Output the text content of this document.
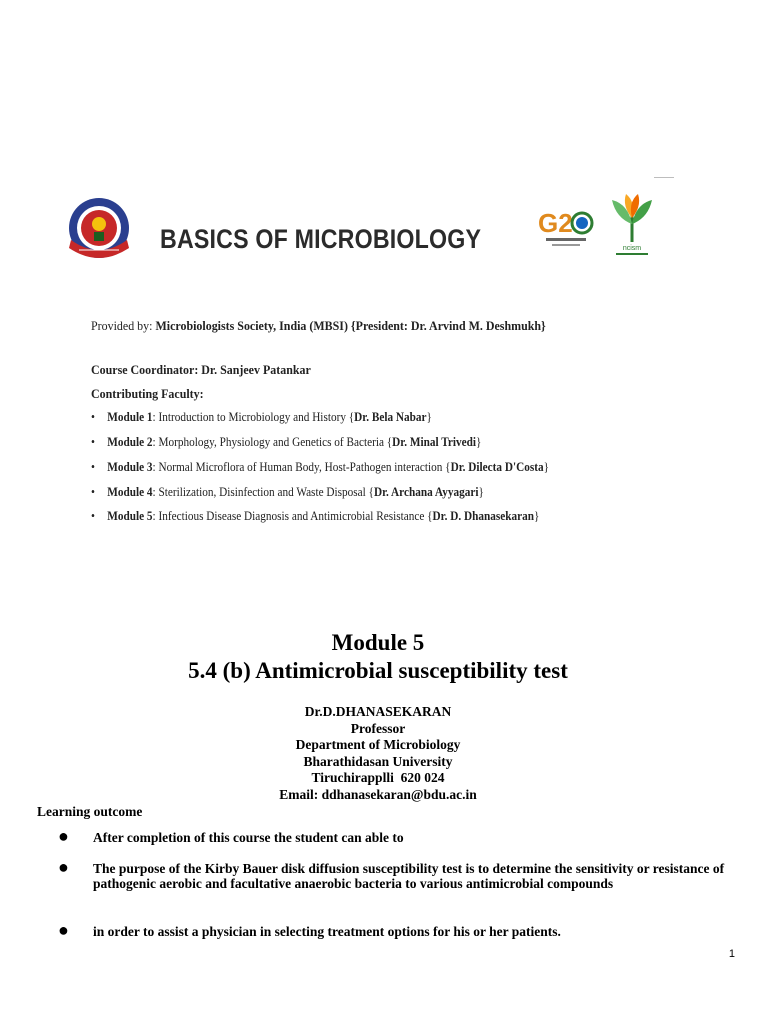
BASICS OF MICROBIOLOGY
G2
ncism
Provided by: Microbiologists Society, India (MBSI) {President: Dr. Arvind M. Deshmukh}
Course Coordinator: Dr. Sanjeev Patankar
Contributing Faculty:
• Module 1: Introduction to Microbiology and History {Dr. Bela Nabar}
• Module 2: Morphology, Physiology and Genetics of Bacteria {Dr. Minal Trivedi}
• Module 3: Normal Microflora of Human Body, Host-Pathogen interaction {Dr. Dilecta D'Costa}
• Module 4: Sterilization, Disinfection and Waste Disposal {Dr. Archana Ayyagari}
• Module 5: Infectious Disease Diagnosis and Antimicrobial Resistance {Dr. D. Dhanasekaran}
Module 5
5.4 (b) Antimicrobial susceptibility test
Dr.D.DHANASEKARAN
Professor
Department of Microbiology
Bharathidasan University
Tiruchirapplli  620 024
Email: ddhanasekaran@bdu.ac.in
Learning outcome
● After completion of this course the student can able to
● The purpose of the Kirby Bauer disk diffusion susceptibility test is to determine the sensitivity or resistance of pathogenic aerobic and facultative anaerobic bacteria to various antimicrobial compounds
● in order to assist a physician in selecting treatment options for his or her patients.
1
